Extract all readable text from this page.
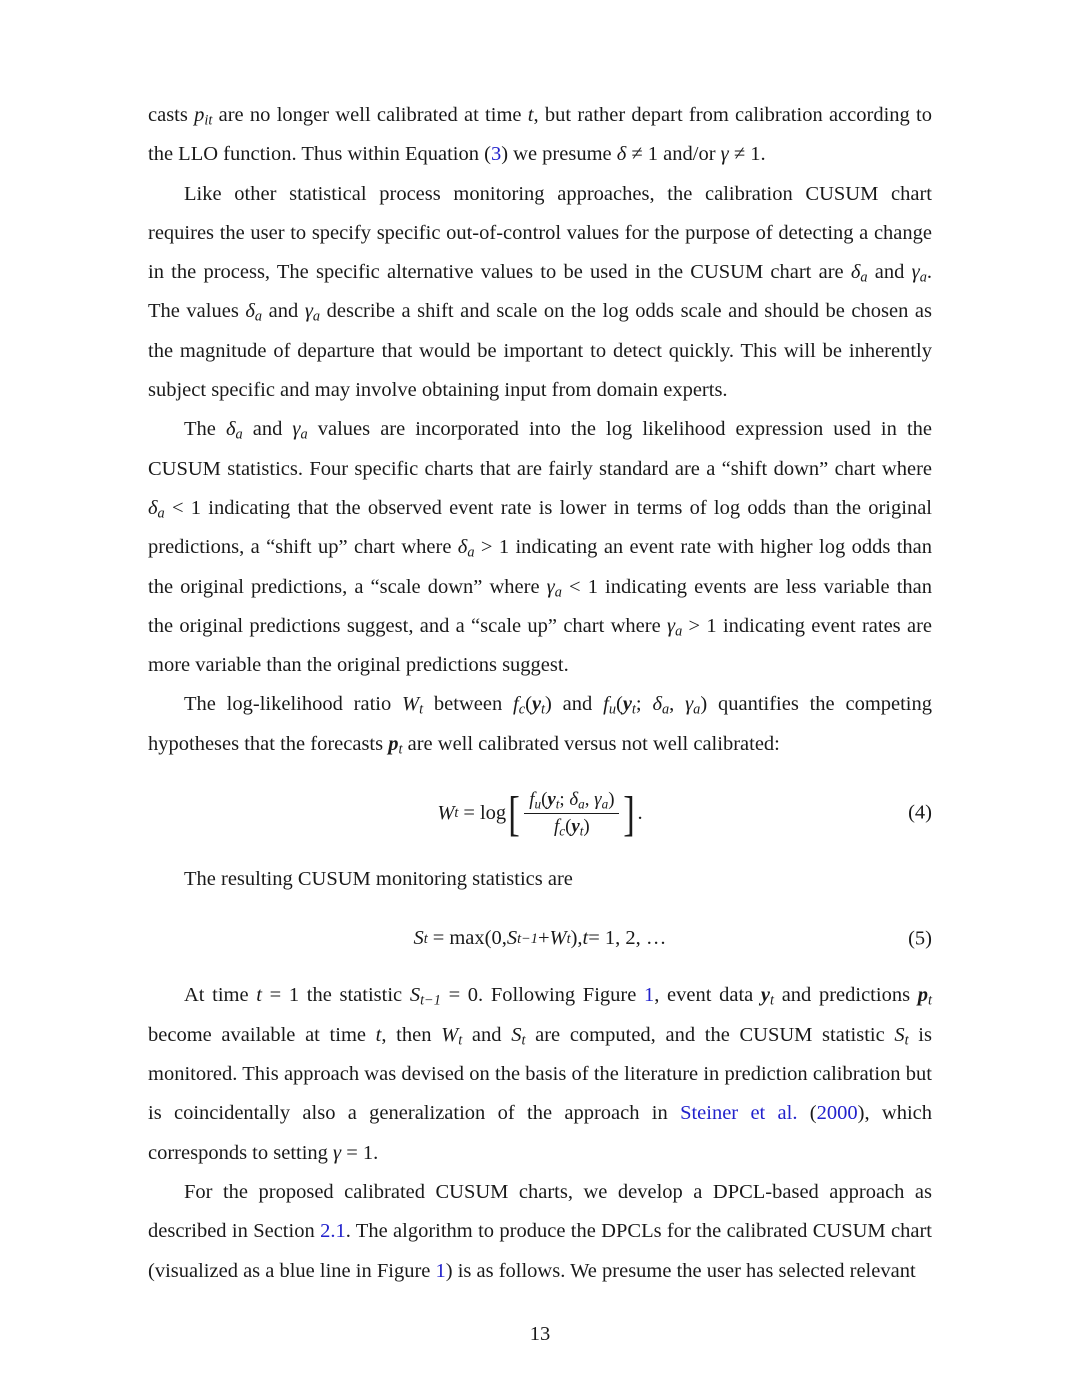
casts $p_{it}$ are no longer well calibrated at time t, but rather depart from calibration according to the LLO function. Thus within Equation (3) we presume δ ≠ 1 and/or γ ≠ 1.

Like other statistical process monitoring approaches, the calibration CUSUM chart requires the user to specify specific out-of-control values for the purpose of detecting a change in the process, The specific alternative values to be used in the CUSUM chart are $\delta_a$ and $\gamma_a$. The values $\delta_a$ and $\gamma_a$ describe a shift and scale on the log odds scale and should be chosen as the magnitude of departure that would be important to detect quickly. This will be inherently subject specific and may involve obtaining input from domain experts.

The $\delta_a$ and $\gamma_a$ values are incorporated into the log likelihood expression used in the CUSUM statistics. Four specific charts that are fairly standard are a “shift down” chart where $\delta_a < 1$ indicating that the observed event rate is lower in terms of log odds than the original predictions, a “shift up” chart where $\delta_a > 1$ indicating an event rate with higher log odds than the original predictions, a “scale down” where $\gamma_a < 1$ indicating events are less variable than the original predictions suggest, and a “scale up” chart where $\gamma_a > 1$ indicating event rates are more variable than the original predictions suggest.

The log-likelihood ratio $W_t$ between $f_c(y_t)$ and $f_u(y_t$; $\delta_a$, $\gamma_a$) quantifies the competing hypotheses that the forecasts $p_t$ are well calibrated versus not well calibrated:

W t = log [ $\frac{f_u(y_t; \delta_a, \gamma_a)}{f_c(y_t)}$ ] .	(4)

The resulting CUSUM monitoring statistics are

S t = max (0, S t−1 + W t ), t = 1, 2, …	(5)

At time t = 1 the statistic $S_{t-1} = 0$. Following Figure 1, event data $y_t$ and predictions $p_t$ become available at time t, then $W_t$ and $S_t$ are computed, and the CUSUM statistic $S_t$ is monitored. This approach was devised on the basis of the literature in prediction calibration but is coincidentally also a generalization of the approach in Steiner et al. (2000), which corresponds to setting γ = 1.

For the proposed calibrated CUSUM charts, we develop a DPCL-based approach as described in Section 2.1. The algorithm to produce the DPCLs for the calibrated CUSUM chart (visualized as a blue line in Figure 1) is as follows. We presume the user has selected relevant

13
